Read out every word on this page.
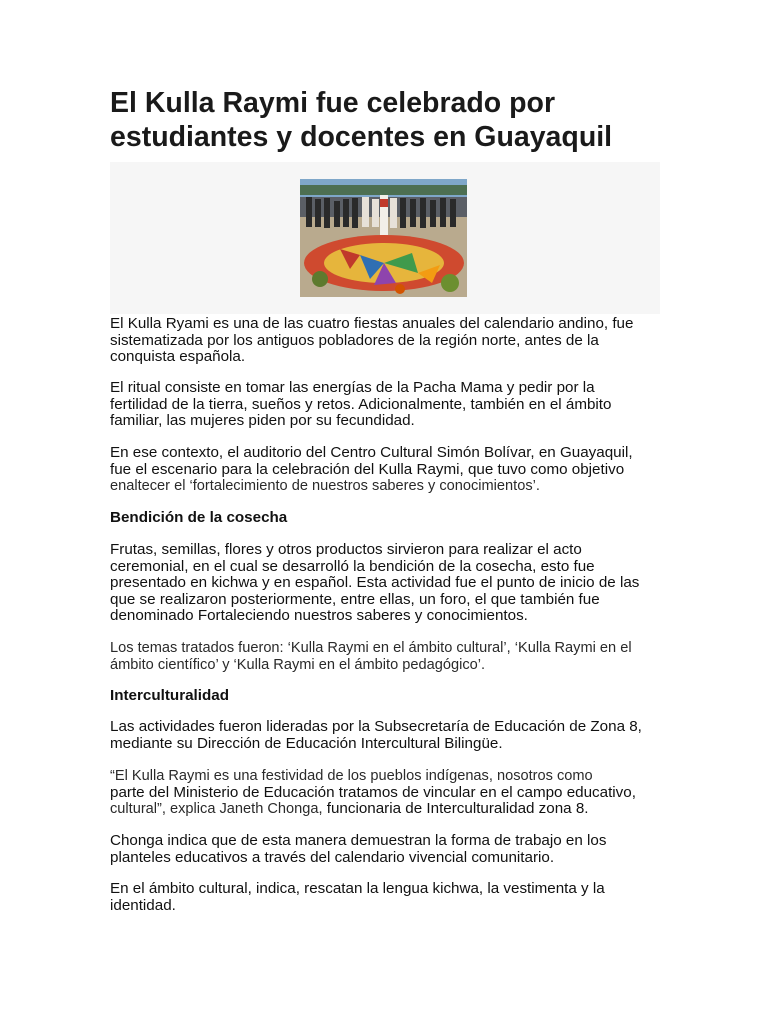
El Kulla Raymi fue celebrado por estudiantes y docentes en Guayaquil

El Kulla Ryami es una de las cuatro fiestas anuales del calendario andino, fue sistematizada por los antiguos pobladores de la región norte, antes de la conquista española.

El ritual consiste en tomar las energías de la Pacha Mama y pedir por la fertilidad de la tierra, sueños y retos. Adicionalmente, también en el ámbito familiar, las mujeres piden por su fecundidad.

En ese contexto, el auditorio del Centro Cultural Simón Bolívar, en Guayaquil, fue el escenario para la celebración del Kulla Raymi, que tuvo como objetivo
enaltecer el ‘fortalecimiento de nuestros saberes y conocimientos’.

Bendición de la cosecha

Frutas, semillas, flores y otros productos sirvieron para realizar el acto ceremonial, en el cual se desarrolló la bendición de la cosecha, esto fue presentado en kichwa y en español. Esta actividad fue el punto de inicio de las que se realizaron posteriormente, entre ellas, un foro, el que también fue denominado Fortaleciendo nuestros saberes y conocimientos.

Los temas tratados fueron: ‘Kulla Raymi en el ámbito cultural’, ‘Kulla Raymi en el ámbito científico’ y ‘Kulla Raymi en el ámbito pedagógico’.

Interculturalidad

Las actividades fueron lideradas por la Subsecretaría de Educación de Zona 8, mediante su Dirección de Educación Intercultural Bilingüe.

“El Kulla Raymi es una festividad de los pueblos indígenas, nosotros como
parte del Ministerio de Educación tratamos de vincular en el campo educativo,
cultural”, explica Janeth Chonga, funcionaria de Interculturalidad zona 8.

Chonga indica que de esta manera demuestran la forma de trabajo en los planteles educativos a través del calendario vivencial comunitario.

En el ámbito cultural, indica, rescatan la lengua kichwa, la vestimenta y la identidad.
